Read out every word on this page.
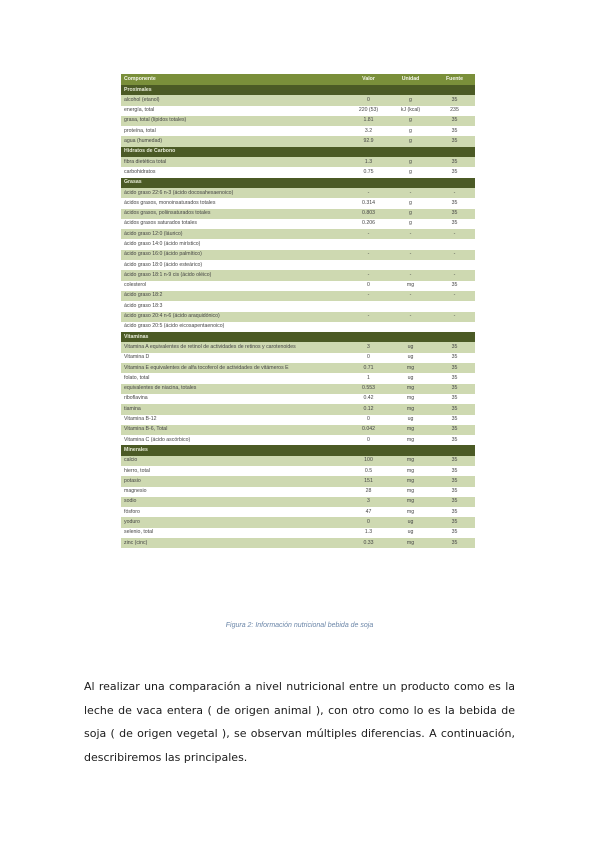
Componente	Valor	Unidad	Fuente
Proximales			
alcohol (etanol)	0	g	35
energía, total	220 (53)	kJ (kcal)	235
grasa, total (lípidos totales)	1.81	g	35
proteína, total	3.2	g	35
agua (humedad)	92.9	g	35
Hidratos de Carbono			
fibra dietética total	1.3	g	35
carbohidratos	0.75	g	35
Grasas			
ácido graso 22:6 n-3 (ácido docosahexaenoico)	-	-	-
ácidos grasos, monoinsaturados totales	0.314	g	35
ácidos grasos, poliinsaturados totales	0.803	g	35
ácidos grasos saturados totales	0.206	g	35
ácido graso 12:0 (láurico)	-	-	-
ácido graso 14:0 (ácido mirístico)			
ácido graso 16:0 (ácido palmítico)	-	-	-
ácido graso 18:0 (ácido esteárico)			
ácido graso 18:1 n-9 cis (ácido oléico)	-	-	-
colesterol	0	mg	35
ácido graso 18:2	-	-	-
ácido graso 18:3			
ácido graso 20:4 n-6 (ácido araquidónico)	-	-	-
ácido graso 20:5 (ácido eicosapentaenoico)			
Vitaminas			
Vitamina A equivalentes de retinol de actividades de retinos y carotenoides	3	ug	35
Vitamina D	0	ug	35
Vitamina E equivalentes de alfa tocoferol de actividades de vitámeros E	0.71	mg	35
folato, total	1	ug	35
equivalentes de niacina, totales	0.553	mg	35
riboflavina	0.42	mg	35
tiamina	0.12	mg	35
Vitamina B-12	0	ug	35
Vitamina B-6, Total	0.042	mg	35
Vitamina C (ácido ascórbico)	0	mg	35
Minerales			
calcio	100	mg	35
hierro, total	0.5	mg	35
potasio	151	mg	35
magnesio	28	mg	35
sodio	3	mg	35
fósforo	47	mg	35
yoduro	0	ug	35
selenio, total	1.3	ug	35
zinc (cinc)	0.33	mg	35
Figura 2: Información nutricional bebida de soja

Al realizar una comparación a nivel nutricional entre un producto como es la leche de vaca entera ( de origen animal ), con otro como lo es la bebida de soja ( de origen vegetal ), se observan múltiples diferencias. A continuación, describiremos las principales.
